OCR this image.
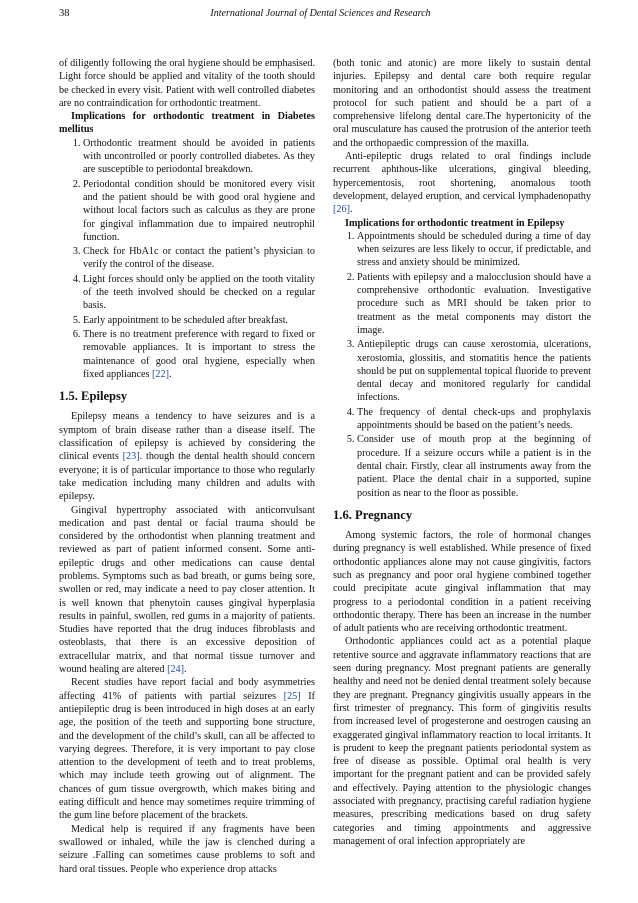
38	International Journal of Dental Sciences and Research

of diligently following the oral hygiene should be emphasised. Light force should be applied and vitality of the tooth should be checked in every visit. Patient with well controlled diabetes are no contraindication for orthodontic treatment.

Implications for orthodontic treatment in Diabetes mellitus

1. Orthodontic treatment should be avoided in patients with uncontrolled or poorly controlled diabetes. As they are susceptible to periodontal breakdown.
2. Periodontal condition should be monitored every visit and the patient should be with good oral hygiene and without local factors such as calculus as they are prone for gingival inflammation due to impaired neutrophil function.
3. Check for HbA1c or contact the patient’s physician to verify the control of the disease.
4. Light forces should only be applied on the tooth vitality of the teeth involved should be checked on a regular basis.
5. Early appointment to be scheduled after breakfast.
6. There is no treatment preference with regard to fixed or removable appliances. It is important to stress the maintenance of good oral hygiene, especially when fixed appliances [22].
1.5. Epilepsy

Epilepsy means a tendency to have seizures and is a symptom of brain disease rather than a disease itself. The classification of epilepsy is achieved by considering the clinical events [23]. though the dental health should concern everyone; it is of particular importance to those who regularly take medication including many children and adults with epilepsy.

Gingival hypertrophy associated with anticonvulsant medication and past dental or facial trauma should be considered by the orthodontist when planning treatment and reviewed as part of patient informed consent. Some anti-epileptic drugs and other medications can cause dental problems. Symptoms such as bad breath, or gums being sore, swollen or red, may indicate a need to pay closer attention. It is well known that phenytoin causes gingival hyperplasia results in painful, swollen, red gums in a majority of patients. Studies have reported that the drug induces fibroblasts and osteoblasts, that there is an excessive deposition of extracellular matrix, and that normal tissue turnover and wound healing are altered [24].

Recent studies have report facial and body asymmetries affecting 41% of patients with partial seizures [25] If antiepileptic drug is been introduced in high doses at an early age, the position of the teeth and supporting bone structure, and the development of the child’s skull, can all be affected to varying degrees. Therefore, it is very important to pay close attention to the development of teeth and to treat problems, which may include teeth growing out of alignment. The chances of gum tissue overgrowth, which makes biting and eating difficult and hence may sometimes require trimming of the gum line before placement of the brackets.

Medical help is required if any fragments have been swallowed or inhaled, while the jaw is clenched during a seizure .Falling can sometimes cause problems to soft and hard oral tissues. People who experience drop attacks

(both tonic and atonic) are more likely to sustain dental injuries. Epilepsy and dental care both require regular monitoring and an orthodontist should assess the treatment protocol for such patient and should be a part of a comprehensive lifelong dental care.The hypertonicity of the oral musculature has caused the protrusion of the anterior teeth and the orthopaedic compression of the maxilla.

Anti-epileptic drugs related to oral findings include recurrent aphthous-like ulcerations, gingival bleeding, hypercementosis, root shortening, anomalous tooth development, delayed eruption, and cervical lymphadenopathy [26].

Implications for orthodontic treatment in Epilepsy

1. Appointments should be scheduled during a time of day when seizures are less likely to occur, if predictable, and stress and anxiety should be minimized.
2. Patients with epilepsy and a malocclusion should have a comprehensive orthodontic evaluation. Investigative procedure such as MRI should be taken prior to treatment as the metal components may distort the image.
3. Antiepileptic drugs can cause xerostomia, ulcerations, xerostomia, glossitis, and stomatitis hence the patients should be put on supplemental topical fluoride to prevent dental decay and monitored regularly for candidal infections.
4. The frequency of dental check-ups and prophylaxis appointments should be based on the patient’s needs.
5. Consider use of mouth prop at the beginning of procedure. If a seizure occurs while a patient is in the dental chair. Firstly, clear all instruments away from the patient. Place the dental chair in a supported, supine position as near to the floor as possible.
1.6. Pregnancy

Among systemic factors, the role of hormonal changes during pregnancy is well established. While presence of fixed orthodontic appliances alone may not cause gingivitis, factors such as pregnancy and poor oral hygiene combined together could precipitate acute gingival inflammation that may progress to a periodontal condition in a patient receiving orthodontic therapy. There has been an increase in the number of adult patients who are receiving orthodontic treatment.

Orthodontic appliances could act as a potential plaque retentive source and aggravate inflammatory reactions that are seen during pregnancy. Most pregnant patients are generally healthy and need not be denied dental treatment solely because they are pregnant. Pregnancy gingivitis usually appears in the first trimester of pregnancy. This form of gingivitis results from increased level of progesterone and oestrogen causing an exaggerated gingival inflammatory reaction to local irritants. It is prudent to keep the pregnant patients periodontal system as free of disease as possible. Optimal oral health is very important for the pregnant patient and can be provided safely and effectively. Paying attention to the physiologic changes associated with pregnancy, practising careful radiation hygiene measures, prescribing medications based on drug safety categories and timing appointments and aggressive management of oral infection appropriately are
